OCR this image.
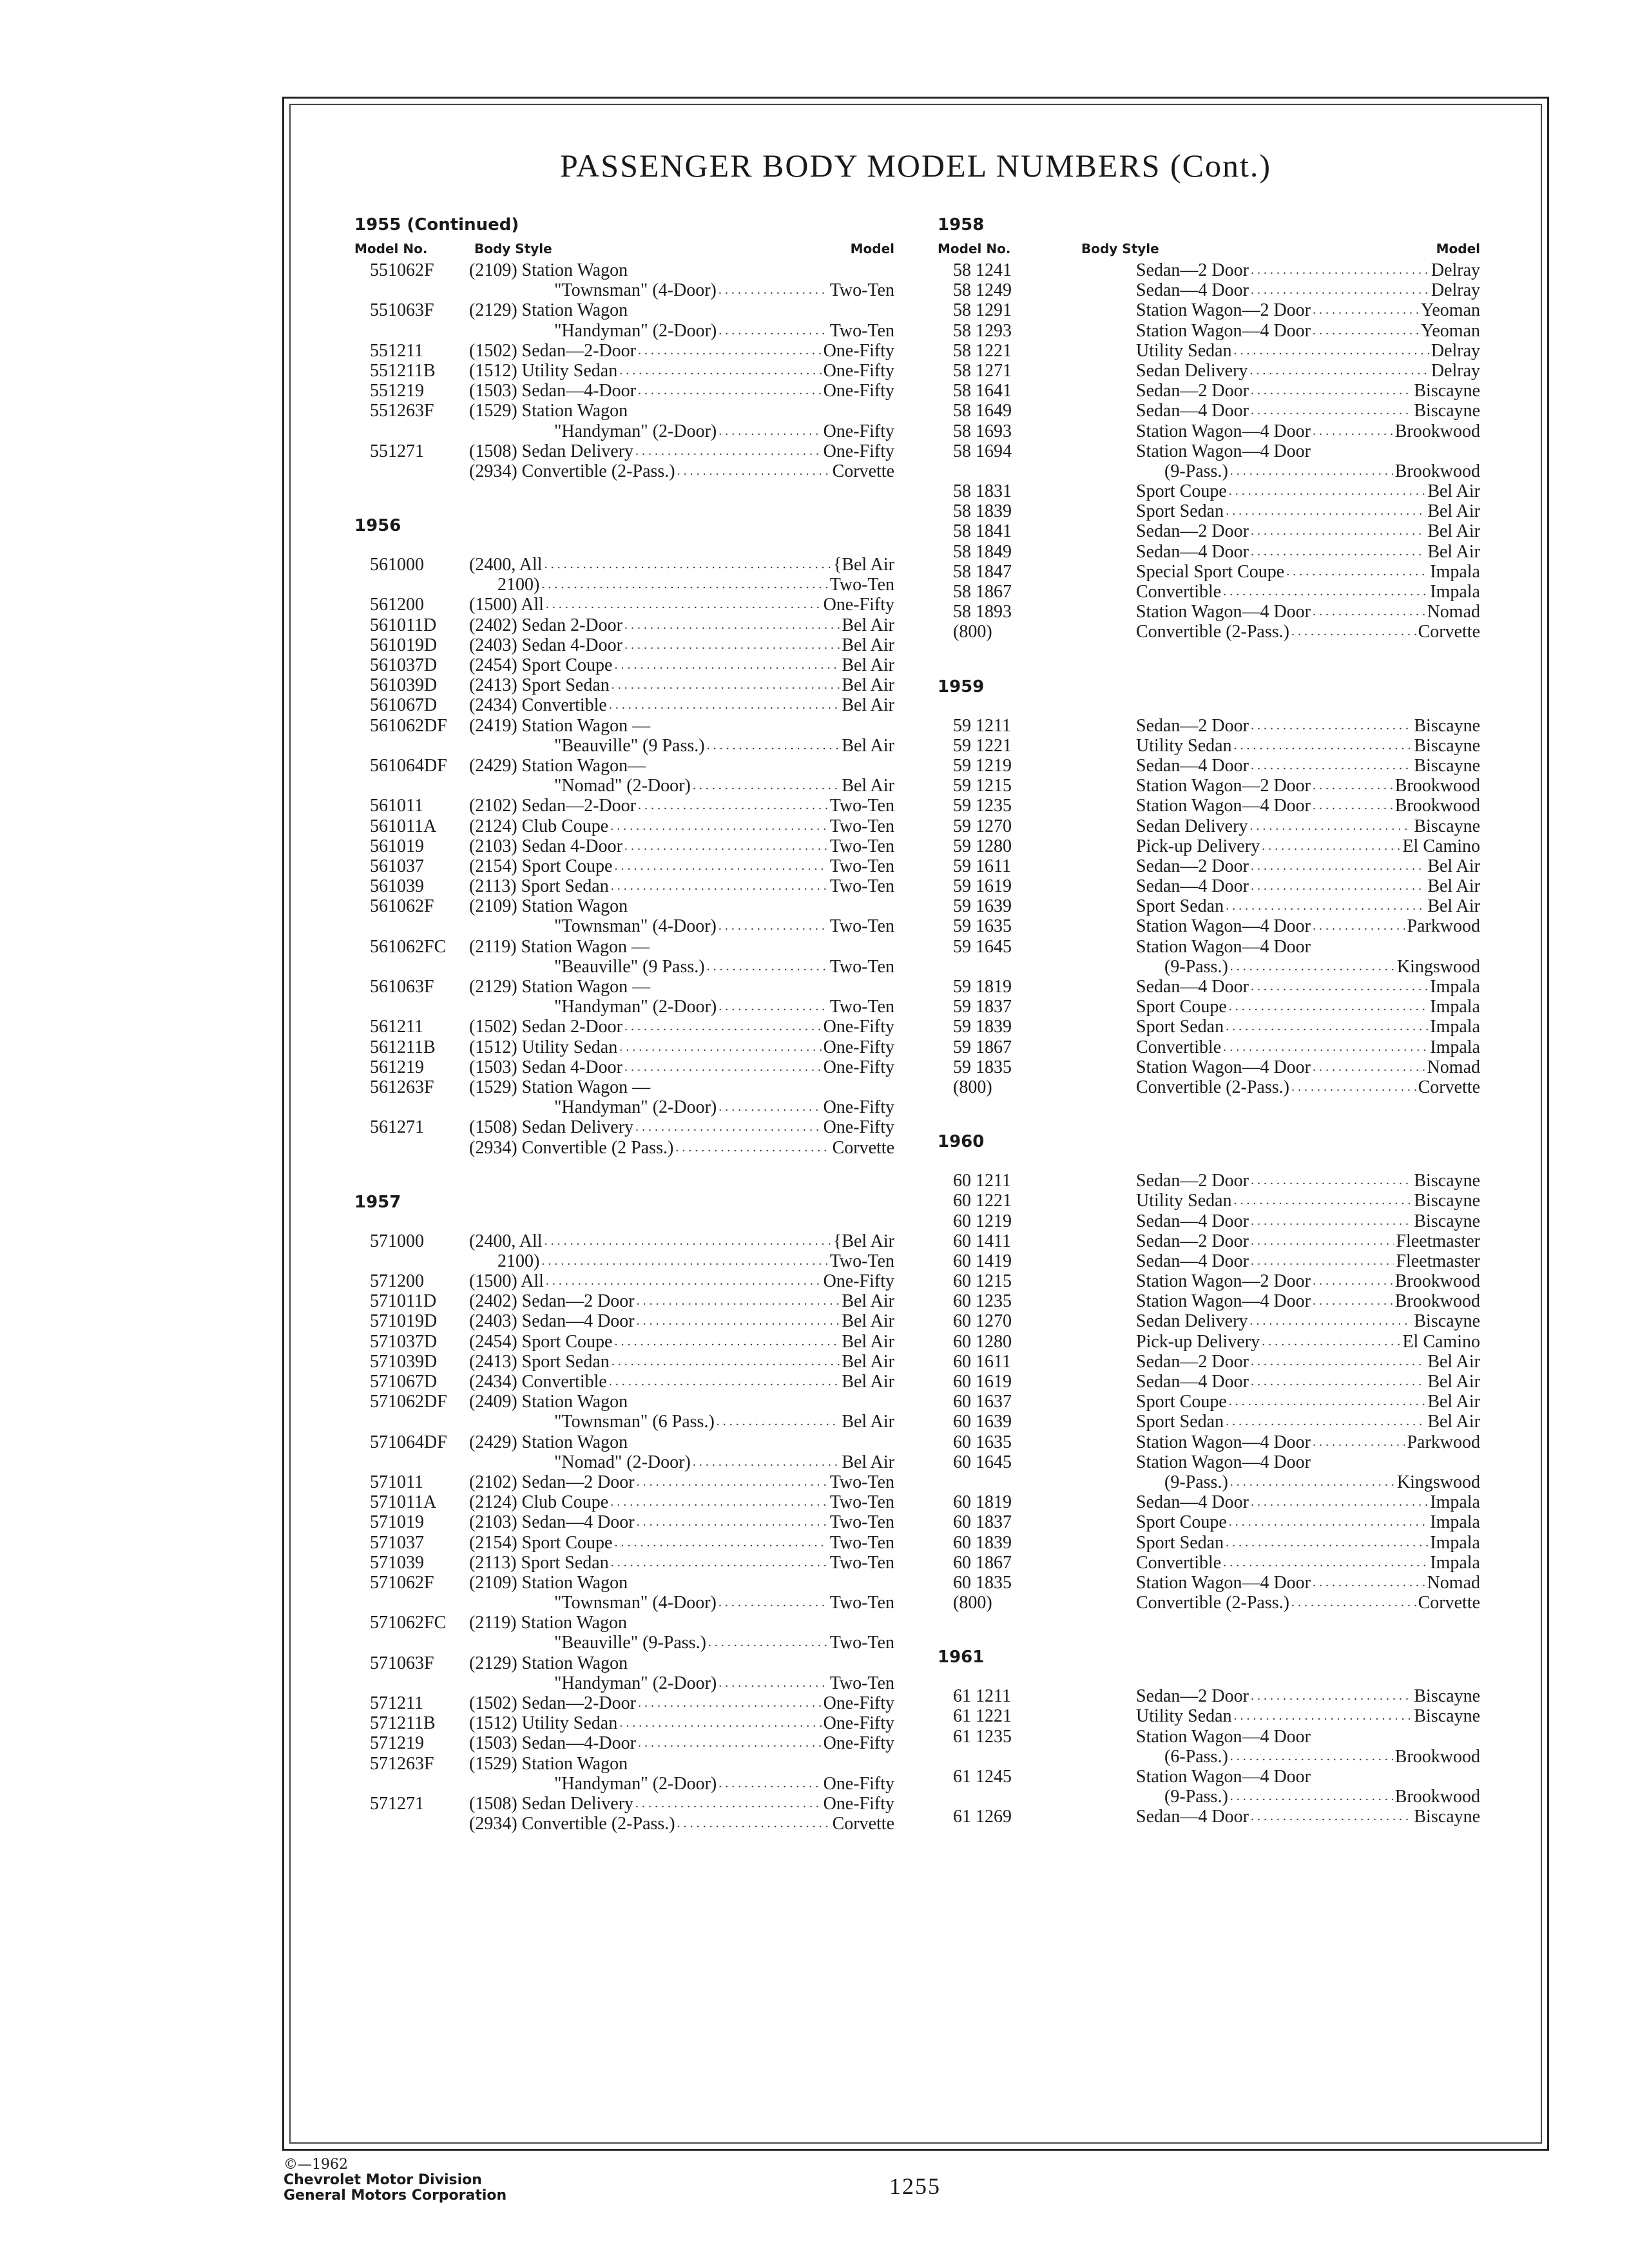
PASSENGER BODY MODEL NUMBERS (Cont.)
1955 (Continued)
Model No.	Body Style	Model
551062F	(2109) Station Wagon
"Townsman" (4-Door) . . .	Two-Ten
551063F	(2129) Station Wagon
"Handyman" (2-Door) . . .	Two-Ten
551211	(1502) Sedan—2-Door . . .	One-Fifty
551211B	(1512) Utility Sedan . . .	One-Fifty
551219	(1503) Sedan—4-Door . . .	One-Fifty
551263F	(1529) Station Wagon
"Handyman" (2-Door) . . .	One-Fifty
551271	(1508) Sedan Delivery . . .	One-Fifty
(2934) Convertible (2-Pass.) . . .	Corvette
1956
561000	(2400, All . . .	{Bel Air
2100) . . .	Two-Ten
561200	(1500) All . . .	One-Fifty
561011D	(2402) Sedan 2-Door . . .	Bel Air
561019D	(2403) Sedan 4-Door . . .	Bel Air
561037D	(2454) Sport Coupe . . .	Bel Air
561039D	(2413) Sport Sedan . . .	Bel Air
561067D	(2434) Convertible . . .	Bel Air
561062DF	(2419) Station Wagon —
"Beauville" (9 Pass.) . . .	Bel Air
561064DF	(2429) Station Wagon—
"Nomad" (2-Door) . . .	Bel Air
561011	(2102) Sedan—2-Door . . .	Two-Ten
561011A	(2124) Club Coupe . . .	Two-Ten
561019	(2103) Sedan 4-Door . . .	Two-Ten
561037	(2154) Sport Coupe . . .	Two-Ten
561039	(2113) Sport Sedan . . .	Two-Ten
561062F	(2109) Station Wagon
"Townsman" (4-Door) . . .	Two-Ten
561062FC	(2119) Station Wagon —
"Beauville" (9 Pass.) . . .	Two-Ten
561063F	(2129) Station Wagon —
"Handyman" (2-Door) . . .	Two-Ten
561211	(1502) Sedan 2-Door . . .	One-Fifty
561211B	(1512) Utility Sedan . . .	One-Fifty
561219	(1503) Sedan 4-Door . . .	One-Fifty
561263F	(1529) Station Wagon —
"Handyman" (2-Door) . . .	One-Fifty
561271	(1508) Sedan Delivery . . .	One-Fifty
(2934) Convertible (2 Pass.) . . .	Corvette
1957
571000	(2400, All . . .	{Bel Air
2100) . . .	Two-Ten
571200	(1500) All . . .	One-Fifty
571011D	(2402) Sedan—2 Door . . .	Bel Air
571019D	(2403) Sedan—4 Door . . .	Bel Air
571037D	(2454) Sport Coupe . . .	Bel Air
571039D	(2413) Sport Sedan . . .	Bel Air
571067D	(2434) Convertible . . .	Bel Air
571062DF	(2409) Station Wagon
"Townsman" (6 Pass.) . . .	Bel Air
571064DF	(2429) Station Wagon
"Nomad" (2-Door) . . .	Bel Air
571011	(2102) Sedan—2 Door . . .	Two-Ten
571011A	(2124) Club Coupe . . .	Two-Ten
571019	(2103) Sedan—4 Door . . .	Two-Ten
571037	(2154) Sport Coupe . . .	Two-Ten
571039	(2113) Sport Sedan . . .	Two-Ten
571062F	(2109) Station Wagon
"Townsman" (4-Door) . . .	Two-Ten
571062FC	(2119) Station Wagon
"Beauville" (9-Pass.) . . .	Two-Ten
571063F	(2129) Station Wagon
"Handyman" (2-Door) . . .	Two-Ten
571211	(1502) Sedan—2-Door . . .	One-Fifty
571211B	(1512) Utility Sedan . . .	One-Fifty
571219	(1503) Sedan—4-Door . . .	One-Fifty
571263F	(1529) Station Wagon
"Handyman" (2-Door) . . .	One-Fifty
571271	(1508) Sedan Delivery . . .	One-Fifty
(2934) Convertible (2-Pass.) . . .	Corvette
1958
Model No.	Body Style	Model
58 1241	Sedan—2 Door . . .	Delray
58 1249	Sedan—4 Door . . .	Delray
58 1291	Station Wagon—2 Door . . .	Yeoman
58 1293	Station Wagon—4 Door . . .	Yeoman
58 1221	Utility Sedan . . .	Delray
58 1271	Sedan Delivery . . .	Delray
58 1641	Sedan—2 Door . . .	Biscayne
58 1649	Sedan—4 Door . . .	Biscayne
58 1693	Station Wagon—4 Door . . .	Brookwood
58 1694	Station Wagon—4 Door
(9-Pass.) . . .	Brookwood
58 1831	Sport Coupe . . .	Bel Air
58 1839	Sport Sedan . . .	Bel Air
58 1841	Sedan—2 Door . . .	Bel Air
58 1849	Sedan—4 Door . . .	Bel Air
58 1847	Special Sport Coupe . . .	Impala
58 1867	Convertible . . .	Impala
58 1893	Station Wagon—4 Door . . .	Nomad
(800)	Convertible (2-Pass.) . . .	Corvette
1959
59 1211	Sedan—2 Door . . .	Biscayne
59 1221	Utility Sedan . . .	Biscayne
59 1219	Sedan—4 Door . . .	Biscayne
59 1215	Station Wagon—2 Door . . .	Brookwood
59 1235	Station Wagon—4 Door . . .	Brookwood
59 1270	Sedan Delivery . . .	Biscayne
59 1280	Pick-up Delivery . . .	El Camino
59 1611	Sedan—2 Door . . .	Bel Air
59 1619	Sedan—4 Door . . .	Bel Air
59 1639	Sport Sedan . . .	Bel Air
59 1635	Station Wagon—4 Door . . .	Parkwood
59 1645	Station Wagon—4 Door
(9-Pass.) . . .	Kingswood
59 1819	Sedan—4 Door . . .	Impala
59 1837	Sport Coupe . . .	Impala
59 1839	Sport Sedan . . .	Impala
59 1867	Convertible . . .	Impala
59 1835	Station Wagon—4 Door . . .	Nomad
(800)	Convertible (2-Pass.) . . .	Corvette
1960
60 1211	Sedan—2 Door . . .	Biscayne
60 1221	Utility Sedan . . .	Biscayne
60 1219	Sedan—4 Door . . .	Biscayne
60 1411	Sedan—2 Door . . .	Fleetmaster
60 1419	Sedan—4 Door . . .	Fleetmaster
60 1215	Station Wagon—2 Door . . .	Brookwood
60 1235	Station Wagon—4 Door . . .	Brookwood
60 1270	Sedan Delivery . . .	Biscayne
60 1280	Pick-up Delivery . . .	El Camino
60 1611	Sedan—2 Door . . .	Bel Air
60 1619	Sedan—4 Door . . .	Bel Air
60 1637	Sport Coupe . . .	Bel Air
60 1639	Sport Sedan . . .	Bel Air
60 1635	Station Wagon—4 Door . . .	Parkwood
60 1645	Station Wagon—4 Door
(9-Pass.) . . .	Kingswood
60 1819	Sedan—4 Door . . .	Impala
60 1837	Sport Coupe . . .	Impala
60 1839	Sport Sedan . . .	Impala
60 1867	Convertible . . .	Impala
60 1835	Station Wagon—4 Door . . .	Nomad
(800)	Convertible (2-Pass.) . . .	Corvette
1961
61 1211	Sedan—2 Door . . .	Biscayne
61 1221	Utility Sedan . . .	Biscayne
61 1235	Station Wagon—4 Door
(6-Pass.) . . .	Brookwood
61 1245	Station Wagon—4 Door
(9-Pass.) . . .	Brookwood
61 1269	Sedan—4 Door . . .	Biscayne
©—1962
Chevrolet Motor Division
General Motors Corporation	1255
